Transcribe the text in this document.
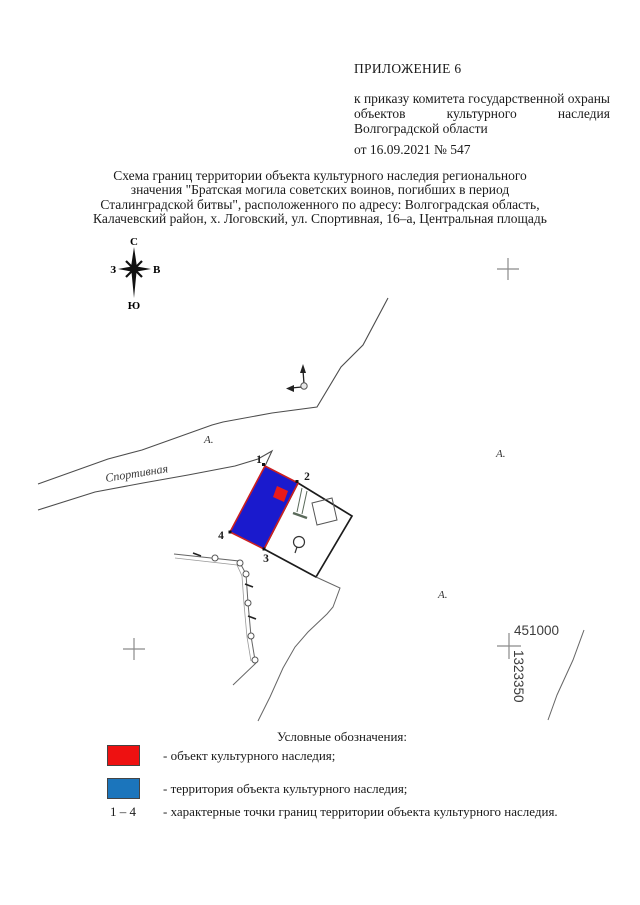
ПРИЛОЖЕНИЕ 6
к приказу комитета государственной охраны объектов культурного наследия Волгоградской области
от 16.09.2021 № 547
Схема границ территории объекта культурного наследия регионального
значения "Братская могила советских воинов, погибших в период
Сталинградской битвы", расположенного по адресу: Волгоградская область,
Калачевский район, х. Логовский, ул. Спортивная, 16–а, Центральная площадь
С
Ю
З	В
Спортивная
А.
А.
А.
1
2
3
4
451000
1323350
Условные обозначения:
- объект культурного наследия;
- территория объекта культурного наследия;
1 – 4 - характерные точки границ территории объекта культурного наследия.
